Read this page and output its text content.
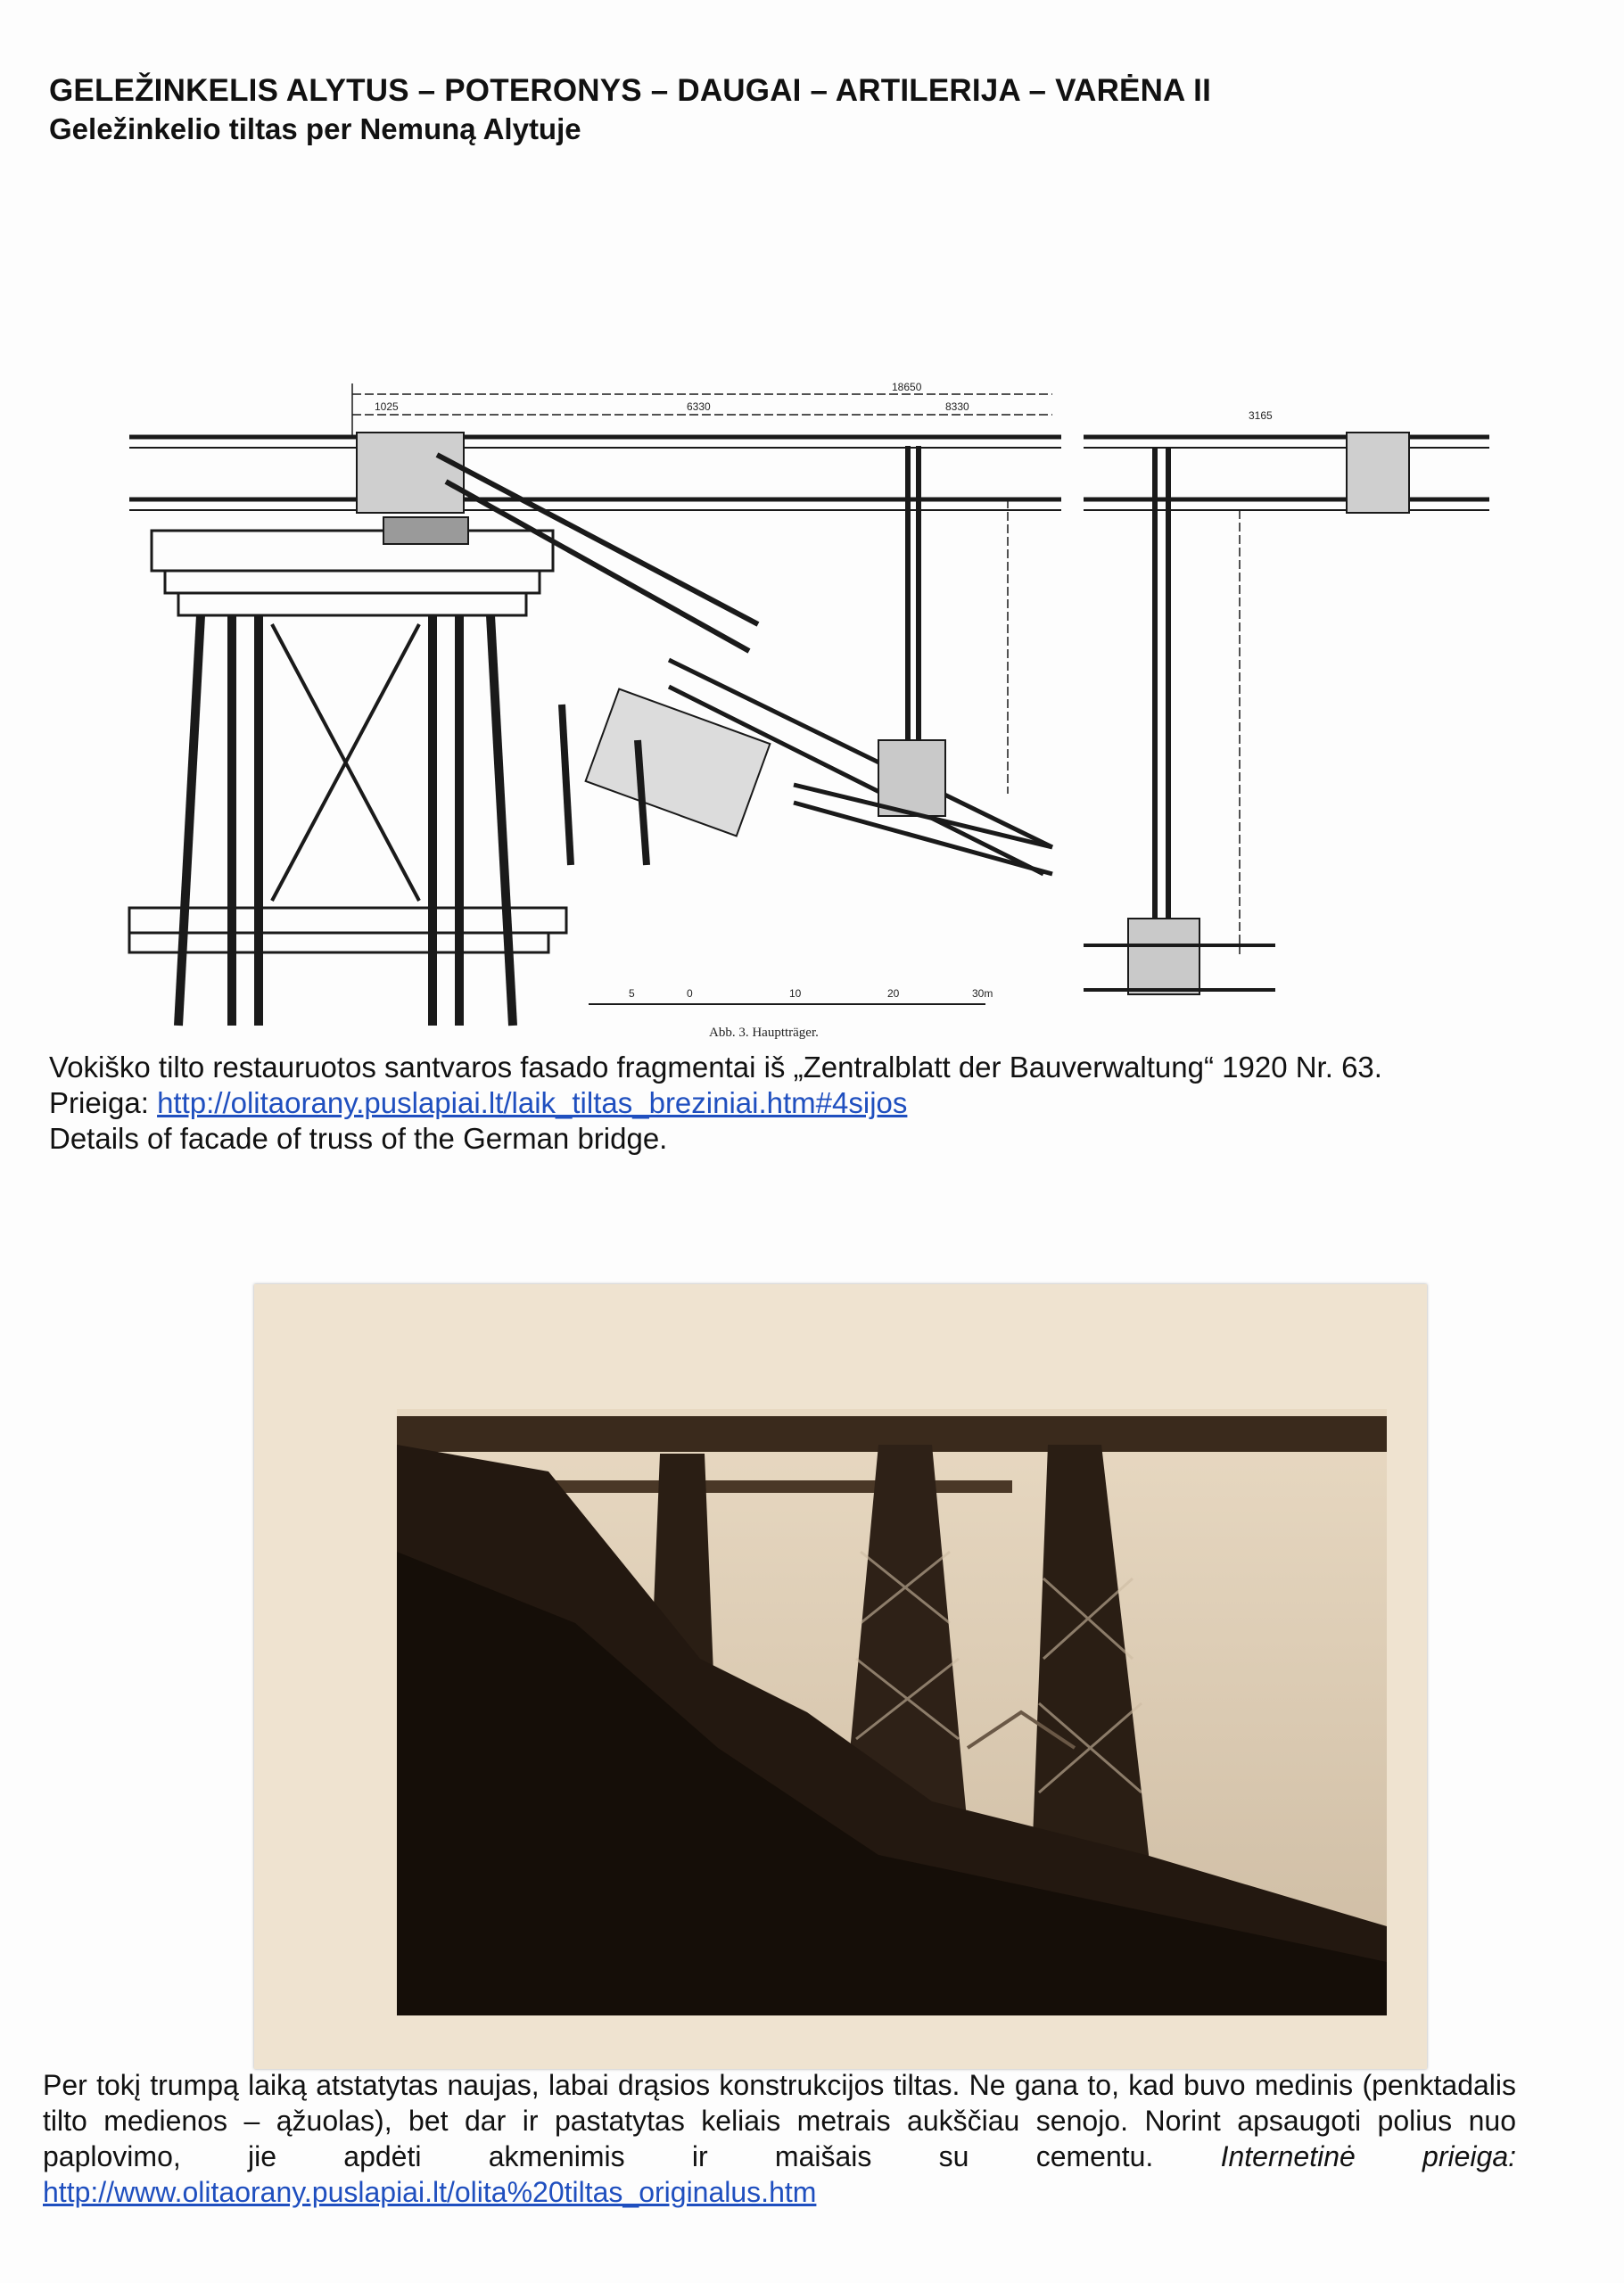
GELEŽINKELIS ALYTUS – POTERONYS – DAUGAI – ARTILERIJA – VARĖNA II
Geležinkelio tiltas per Nemuną Alytuje
1025	6330
18650
8330
3165
5	0	10	20	30m
Abb. 3. Hauptträger.
Vokiško tilto restauruotos santvaros fasado fragmentai iš „Zentralblatt der Bauverwaltung“ 1920 Nr. 63.
Prieiga: http://olitaorany.puslapiai.lt/laik_tiltas_breziniai.htm#4sijos
Details of facade of truss of the German bridge.

Per tokį trumpą laiką atstatytas naujas, labai drąsios konstrukcijos tiltas. Ne gana to, kad buvo medinis (penktadalis tilto medienos – ąžuolas), bet dar ir pastatytas keliais metrais aukščiau senojo. Norint apsaugoti polius nuo paplovimo, jie apdėti akmenimis ir maišais su cementu. Internetinė prieiga: http://www.olitaorany.puslapiai.lt/olita%20tiltas_originalus.htm
